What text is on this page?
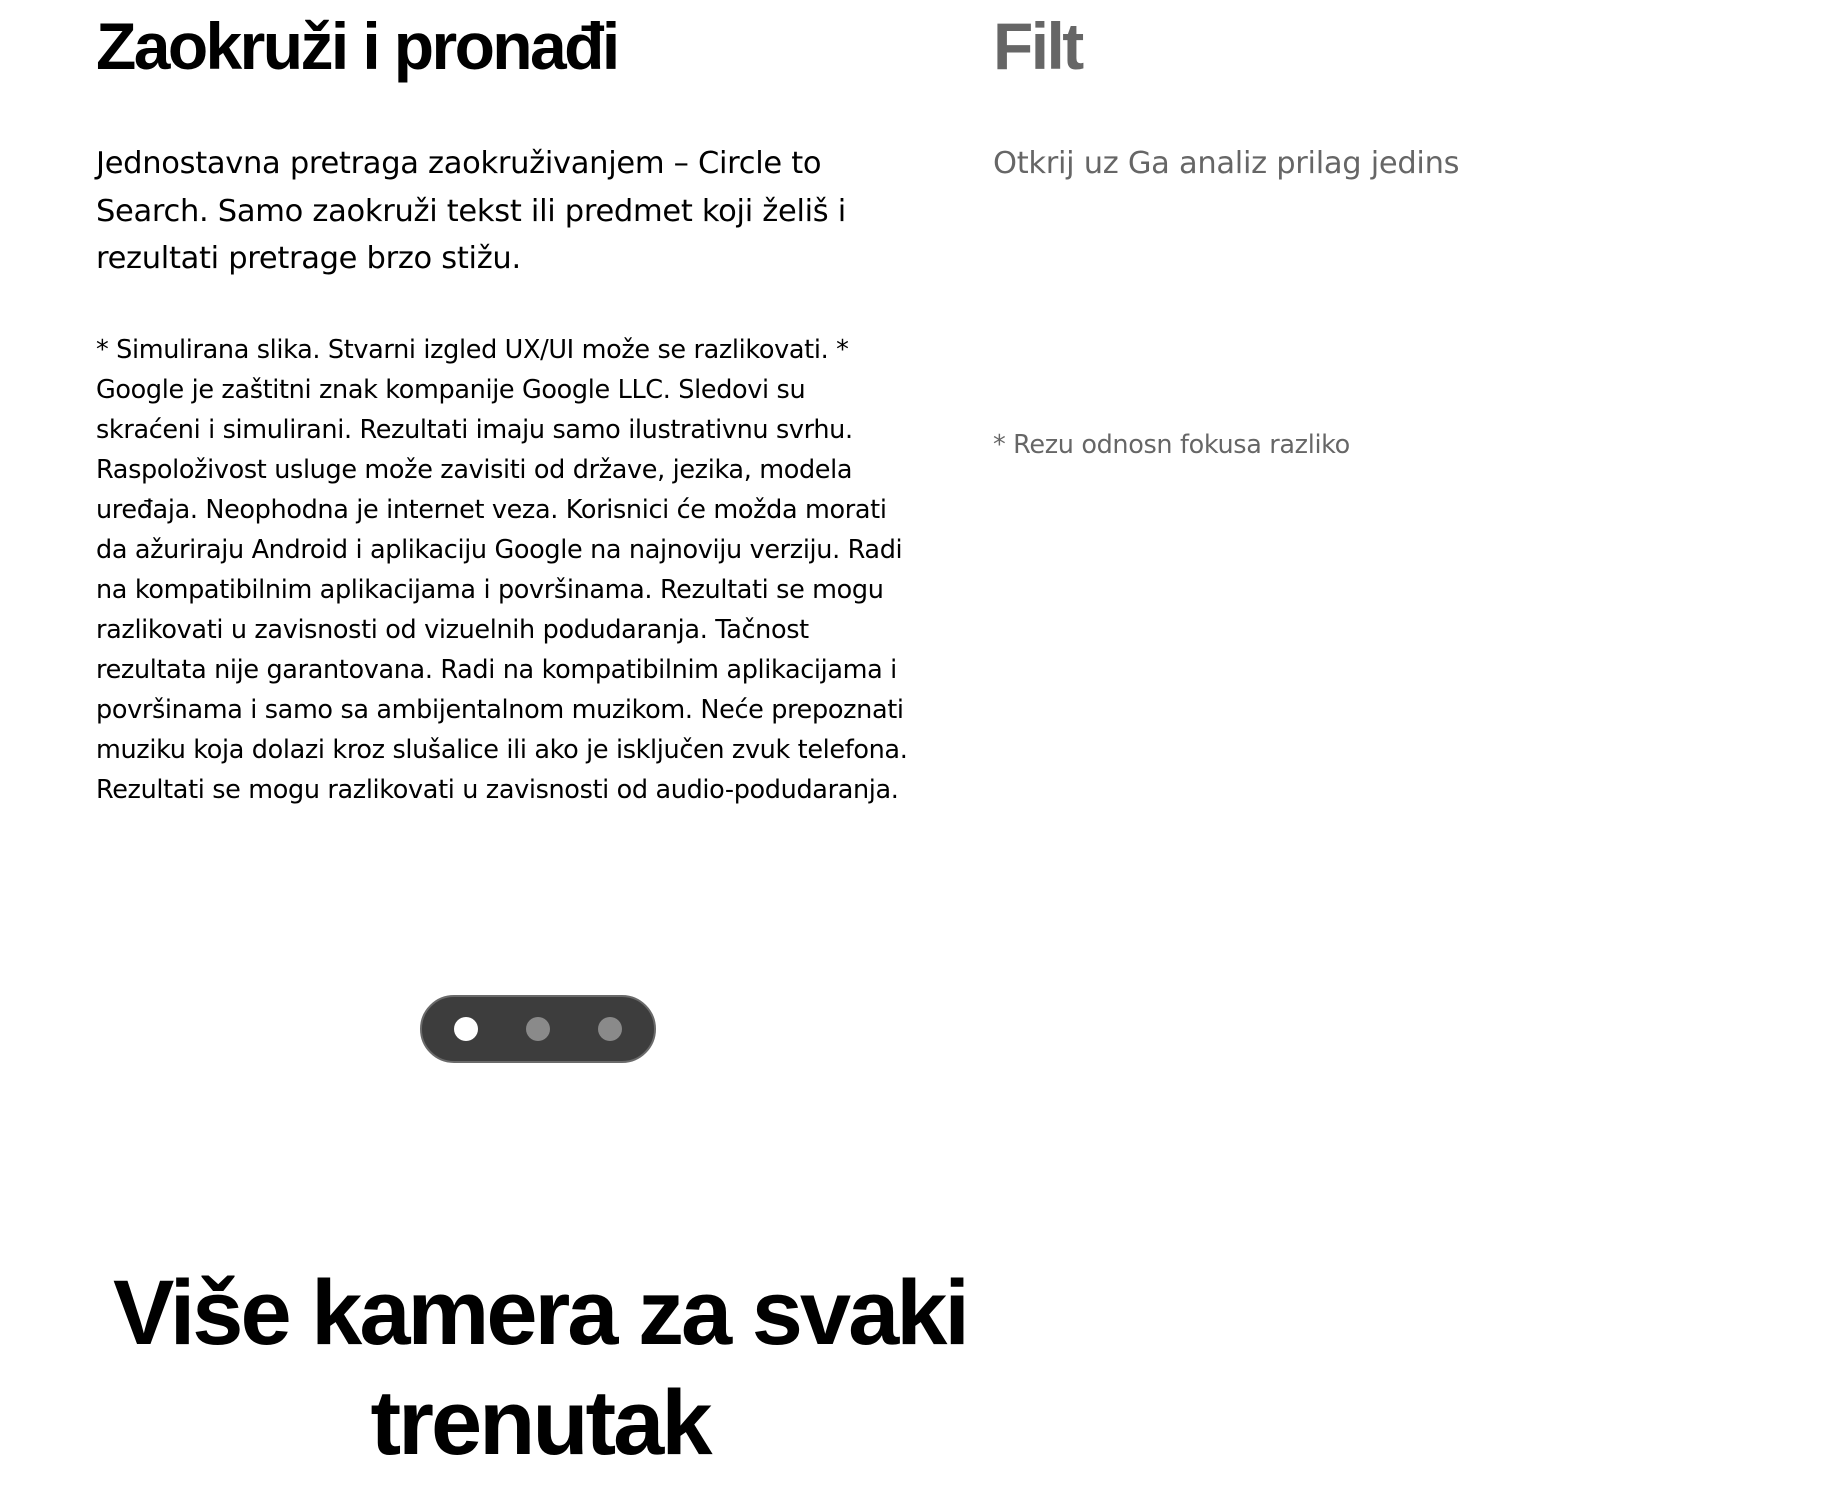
Zaokruži i pronađi

Jednostavna pretraga zaokruživanjem – Circle to Search. Samo zaokruži tekst ili predmet koji želiš i rezultati pretrage brzo stižu.

* Simulirana slika. Stvarni izgled UX/UI može se razlikovati. * Google je zaštitni znak kompanije Google LLC. Sledovi su skraćeni i simulirani. Rezultati imaju samo ilustrativnu svrhu. Raspoloživost usluge može zavisiti od države, jezika, modela uređaja. Neophodna je internet veza. Korisnici će možda morati da ažuriraju Android i aplikaciju Google na najnoviju verziju. Radi na kompatibilnim aplikacijama i površinama. Rezultati se mogu razlikovati u zavisnosti od vizuelnih podudaranja. Tačnost rezultata nije garantovana. Radi na kompatibilnim aplikacijama i površinama i samo sa ambijentalnom muzikom. Neće prepoznati muziku koja dolazi kroz slušalice ili ako je isključen zvuk telefona. Rezultati se mogu razlikovati u zavisnosti od audio-podudaranja.

Filt

Otkrij uz Ga analiz prilag jedins

* Rezu odnosn fokusa razliko

Više kamera za svaki trenutak
